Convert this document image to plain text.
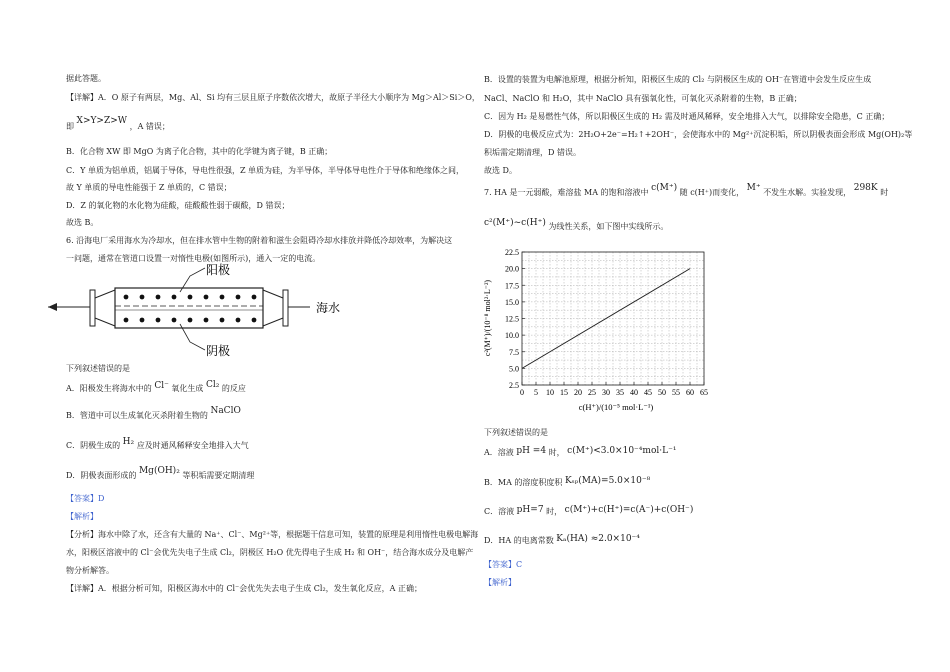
据此答题。
【详解】A．O 原子有两层，Mg、Al、Si 均有三层且原子序数依次增大，故原子半径大小顺序为 Mg＞Al＞Si＞O，
即 X>Y>Z>W ，A 错误；
B．化合物 XW 即 MgO 为离子化合物，其中的化学键为离子键，B 正确；
C．Y 单质为铝单质，铝属于导体，导电性很强，Z 单质为硅，为半导体，半导体导电性介于导体和绝缘体之间，
故 Y 单质的导电性能强于 Z 单质的，C 错误；
D．Z 的氧化物的水化物为硅酸，硅酸酸性弱于碳酸，D 错误；
故选 B。
6. 沿海电厂采用海水为冷却水，但在排水管中生物的附着和滋生会阻碍冷却水排放并降低冷却效率，为解决这
一问题，通常在管道口设置一对惰性电极(如图所示)，通入一定的电流。
阳极
阴极
海水
下列叙述错误的是
A．阳极发生将海水中的 Cl⁻ 氧化生成 Cl₂ 的反应
B．管道中可以生成氧化灭杀附着生物的 NaClO
C．阴极生成的 H₂ 应及时通风稀释安全地排入大气
D．阴极表面形成的 Mg(OH)₂ 等积垢需要定期清理
【答案】D
【解析】
【分析】海水中除了水，还含有大量的 Na⁺、Cl⁻、Mg²⁺等，根据题干信息可知，装置的原理是利用惰性电极电解海
水，阳极区溶液中的 Cl⁻会优先失电子生成 Cl₂，阴极区 H₂O 优先得电子生成 H₂ 和 OH⁻，结合海水成分及电解产
物分析解答。
【详解】A．根据分析可知，阳极区海水中的 Cl⁻会优先失去电子生成 Cl₂，发生氧化反应，A 正确；
B．设置的装置为电解池原理，根据分析知，阳极区生成的 Cl₂ 与阴极区生成的 OH⁻在管道中会发生反应生成
NaCl、NaClO 和 H₂O，其中 NaClO 具有强氧化性，可氧化灭杀附着的生物，B 正确；
C．因为 H₂ 是易燃性气体，所以阳极区生成的 H₂ 需及时通风稀释，安全地排入大气，以排除安全隐患，C 正确；
D．阴极的电极反应式为：2H₂O+2e⁻=H₂↑+2OH⁻，会使海水中的 Mg²⁺沉淀积垢，所以阴极表面会形成 Mg(OH)₂等
积垢需定期清理，D 错误。
故选 D。
7. HA 是一元弱酸，难溶盐 MA 的饱和溶液中 c(M⁺) 随 c(H⁺)而变化， M⁺ 不发生水解。实验发现， 298K 时
c²(M⁺)~c(H⁺) 为线性关系，如下图中实线所示。
0 5 10 15 20 25 30 35 40 45 50 55 60 65
2.5
5.0
7.5
10.0
12.5
15.0
17.5
20.0
22.5
c(H⁺)/(10⁻⁵ mol·L⁻¹)
c²(M⁺)/(10⁻⁸ mol²·L⁻²)
下列叙述错误的是
A．溶液 pH =4 时， c(M⁺)<3.0×10⁻⁴mol·L⁻¹
B．MA 的溶度积度积 Kₛₚ(MA)=5.0×10⁻⁸
C．溶液 pH=7 时， c(M⁺)+c(H⁺)=c(A⁻)+c(OH⁻)
D．HA 的电离常数 Kₐ(HA) ≈2.0×10⁻⁴
【答案】C
【解析】
